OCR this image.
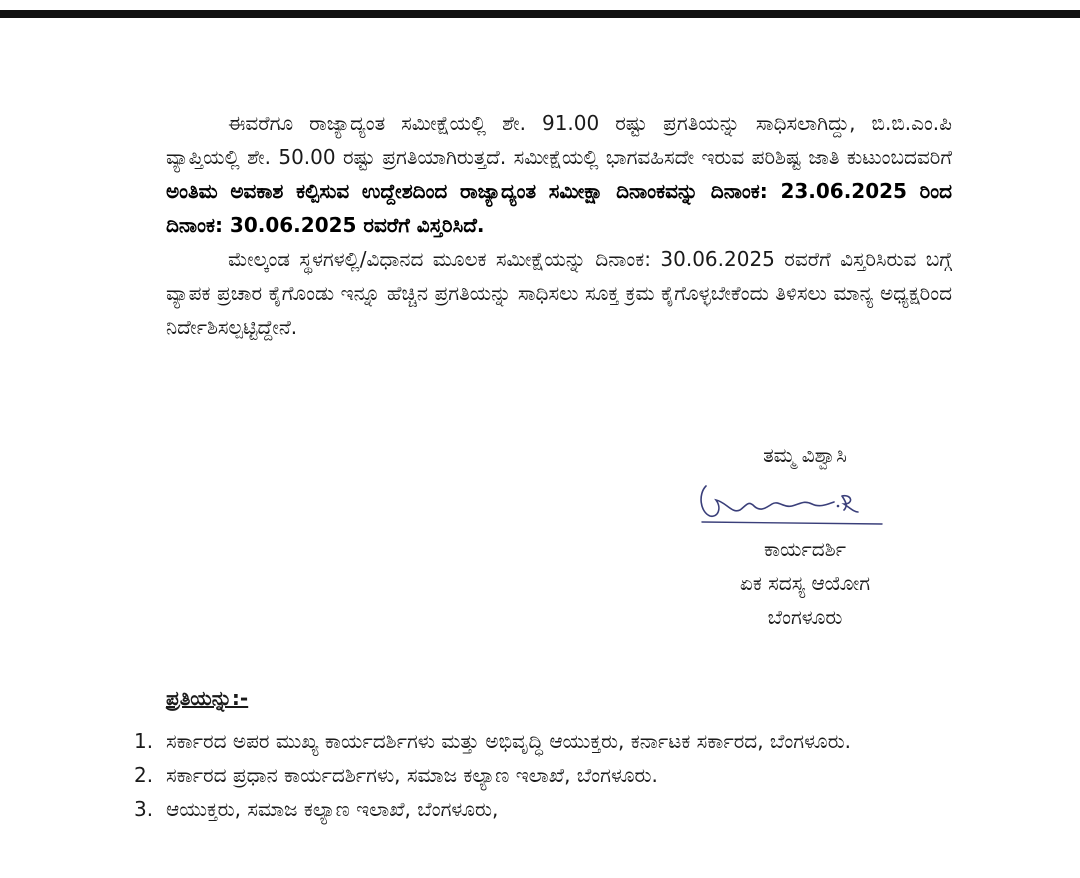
ಈವರೆಗೂ ರಾಜ್ಯಾದ್ಯಂತ ಸಮೀಕ್ಷೆಯಲ್ಲಿ ಶೇ. 91.00 ರಷ್ಟು ಪ್ರಗತಿಯನ್ನು ಸಾಧಿಸಲಾಗಿದ್ದು, ಬಿ.ಬಿ.ಎಂ.ಪಿ ವ್ಯಾಪ್ತಿಯಲ್ಲಿ ಶೇ. 50.00 ರಷ್ಟು ಪ್ರಗತಿಯಾಗಿರುತ್ತದೆ. ಸಮೀಕ್ಷೆಯಲ್ಲಿ ಭಾಗವಹಿಸದೇ ಇರುವ ಪರಿಶಿಷ್ಟ ಜಾತಿ ಕುಟುಂಬದವರಿಗೆ ಅಂತಿಮ ಅವಕಾಶ ಕಲ್ಪಿಸುವ ಉದ್ದೇಶದಿಂದ ರಾಜ್ಯಾದ್ಯಂತ ಸಮೀಕ್ಷಾ ದಿನಾಂಕವನ್ನು ದಿನಾಂಕ: 23.06.2025 ರಿಂದ ದಿನಾಂಕ: 30.06.2025 ರವರೆಗೆ ವಿಸ್ತರಿಸಿದೆ.

ಮೇಲ್ಕಂಡ ಸ್ಥಳಗಳಲ್ಲಿ/ವಿಧಾನದ ಮೂಲಕ ಸಮೀಕ್ಷೆಯನ್ನು ದಿನಾಂಕ: 30.06.2025 ರವರೆಗೆ ವಿಸ್ತರಿಸಿರುವ ಬಗ್ಗೆ ವ್ಯಾಪಕ ಪ್ರಚಾರ ಕೈಗೊಂಡು ಇನ್ನೂ ಹೆಚ್ಚಿನ ಪ್ರಗತಿಯನ್ನು ಸಾಧಿಸಲು ಸೂಕ್ತ ಕ್ರಮ ಕೈಗೊಳ್ಳಬೇಕೆಂದು ತಿಳಿಸಲು ಮಾನ್ಯ ಅಧ್ಯಕ್ಷರಿಂದ ನಿರ್ದೇಶಿಸಲ್ಪಟ್ಟಿದ್ದೇನೆ.

ತಮ್ಮ ವಿಶ್ವಾಸಿ
ಕಾರ್ಯದರ್ಶಿ
ಏಕ ಸದಸ್ಯ ಆಯೋಗ
ಬೆಂಗಳೂರು
ಪ್ರತಿಯನ್ನು:-
1. ಸರ್ಕಾರದ ಅಪರ ಮುಖ್ಯ ಕಾರ್ಯದರ್ಶಿಗಳು ಮತ್ತು ಅಭಿವೃದ್ಧಿ ಆಯುಕ್ತರು, ಕರ್ನಾಟಕ ಸರ್ಕಾರದ, ಬೆಂಗಳೂರು.
2. ಸರ್ಕಾರದ ಪ್ರಧಾನ ಕಾರ್ಯದರ್ಶಿಗಳು, ಸಮಾಜ ಕಲ್ಯಾಣ ಇಲಾಖೆ, ಬೆಂಗಳೂರು.
3. ಆಯುಕ್ತರು, ಸಮಾಜ ಕಲ್ಯಾಣ ಇಲಾಖೆ, ಬೆಂಗಳೂರು,
